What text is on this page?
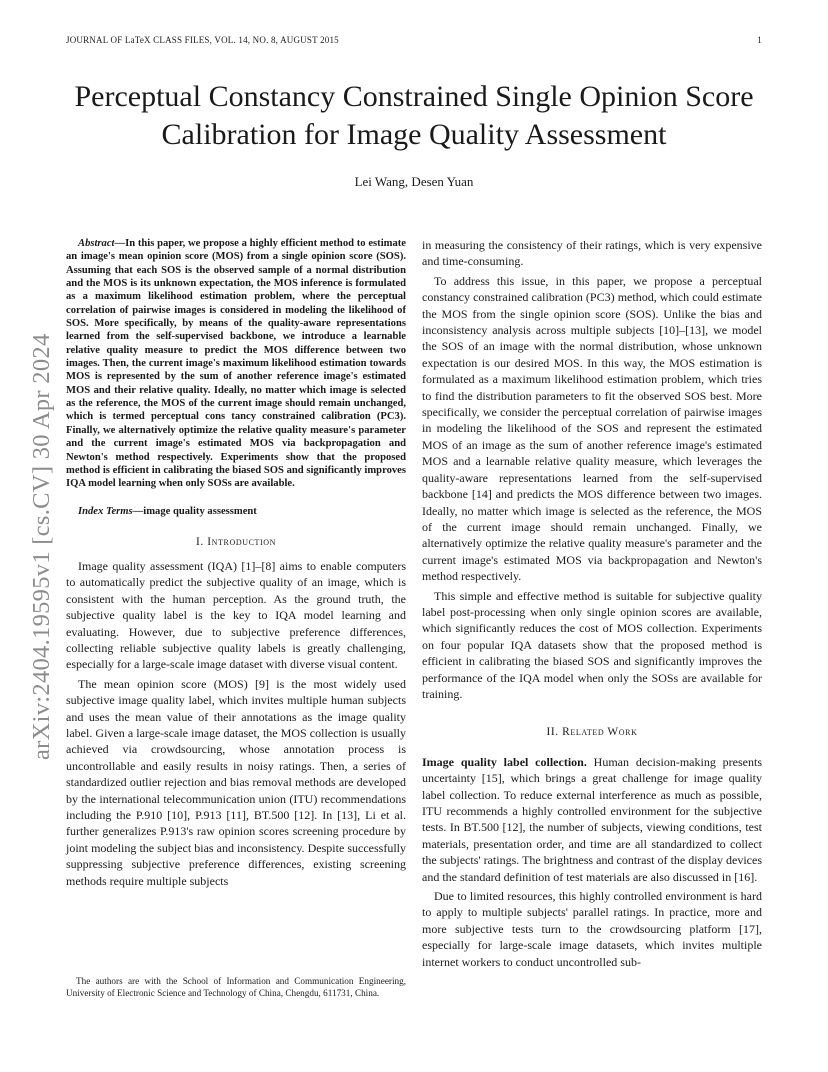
JOURNAL OF LaTeX CLASS FILES, VOL. 14, NO. 8, AUGUST 2015	1
arXiv:2404.19595v1 [cs.CV] 30 Apr 2024
Perceptual Constancy Constrained Single Opinion Score Calibration for Image Quality Assessment
Lei Wang, Desen Yuan

Abstract—In this paper, we propose a highly efficient method to estimate an image's mean opinion score (MOS) from a single opinion score (SOS). Assuming that each SOS is the observed sample of a normal distribution and the MOS is its unknown expectation, the MOS inference is formulated as a maximum likelihood estimation problem, where the perceptual correlation of pairwise images is considered in modeling the likelihood of SOS. More specifically, by means of the quality-aware representations learned from the self-supervised backbone, we introduce a learnable relative quality measure to predict the MOS difference between two images. Then, the current image's maximum likelihood estimation towards MOS is represented by the sum of another reference image's estimated MOS and their relative quality. Ideally, no matter which image is selected as the reference, the MOS of the current image should remain unchanged, which is termed perceptual cons tancy constrained calibration (PC3). Finally, we alternatively optimize the relative quality measure's parameter and the current image's estimated MOS via backpropagation and Newton's method respectively. Experiments show that the proposed method is efficient in calibrating the biased SOS and significantly improves IQA model learning when only SOSs are available.

Index Terms—image quality assessment

I. Introduction

Image quality assessment (IQA) [1]–[8] aims to enable computers to automatically predict the subjective quality of an image, which is consistent with the human perception. As the ground truth, the subjective quality label is the key to IQA model learning and evaluating. However, due to subjective preference differences, collecting reliable subjective quality labels is greatly challenging, especially for a large-scale image dataset with diverse visual content.

The mean opinion score (MOS) [9] is the most widely used subjective image quality label, which invites multiple human subjects and uses the mean value of their annotations as the image quality label. Given a large-scale image dataset, the MOS collection is usually achieved via crowdsourcing, whose annotation process is uncontrollable and easily results in noisy ratings. Then, a series of standardized outlier rejection and bias removal methods are developed by the international telecommunication union (ITU) recommendations including the P.910 [10], P.913 [11], BT.500 [12]. In [13], Li et al. further generalizes P.913's raw opinion scores screening procedure by joint modeling the subject bias and inconsistency. Despite successfully suppressing subjective preference differences, existing screening methods require multiple subjects

in measuring the consistency of their ratings, which is very expensive and time-consuming.

To address this issue, in this paper, we propose a perceptual constancy constrained calibration (PC3) method, which could estimate the MOS from the single opinion score (SOS). Unlike the bias and inconsistency analysis across multiple subjects [10]–[13], we model the SOS of an image with the normal distribution, whose unknown expectation is our desired MOS. In this way, the MOS estimation is formulated as a maximum likelihood estimation problem, which tries to find the distribution parameters to fit the observed SOS best. More specifically, we consider the perceptual correlation of pairwise images in modeling the likelihood of the SOS and represent the estimated MOS of an image as the sum of another reference image's estimated MOS and a learnable relative quality measure, which leverages the quality-aware representations learned from the self-supervised backbone [14] and predicts the MOS difference between two images. Ideally, no matter which image is selected as the reference, the MOS of the current image should remain unchanged. Finally, we alternatively optimize the relative quality measure's parameter and the current image's estimated MOS via backpropagation and Newton's method respectively.

This simple and effective method is suitable for subjective quality label post-processing when only single opinion scores are available, which significantly reduces the cost of MOS collection. Experiments on four popular IQA datasets show that the proposed method is efficient in calibrating the biased SOS and significantly improves the performance of the IQA model when only the SOSs are available for training.

II. Related Work

Image quality label collection. Human decision-making presents uncertainty [15], which brings a great challenge for image quality label collection. To reduce external interference as much as possible, ITU recommends a highly controlled environment for the subjective tests. In BT.500 [12], the number of subjects, viewing conditions, test materials, presentation order, and time are all standardized to collect the subjects' ratings. The brightness and contrast of the display devices and the standard definition of test materials are also discussed in [16].

Due to limited resources, this highly controlled environment is hard to apply to multiple subjects' parallel ratings. In practice, more and more subjective tests turn to the crowdsourcing platform [17], especially for large-scale image datasets, which invites multiple internet workers to conduct uncontrolled sub-

The authors are with the School of Information and Communication Engineering, University of Electronic Science and Technology of China, Chengdu, 611731, China.
